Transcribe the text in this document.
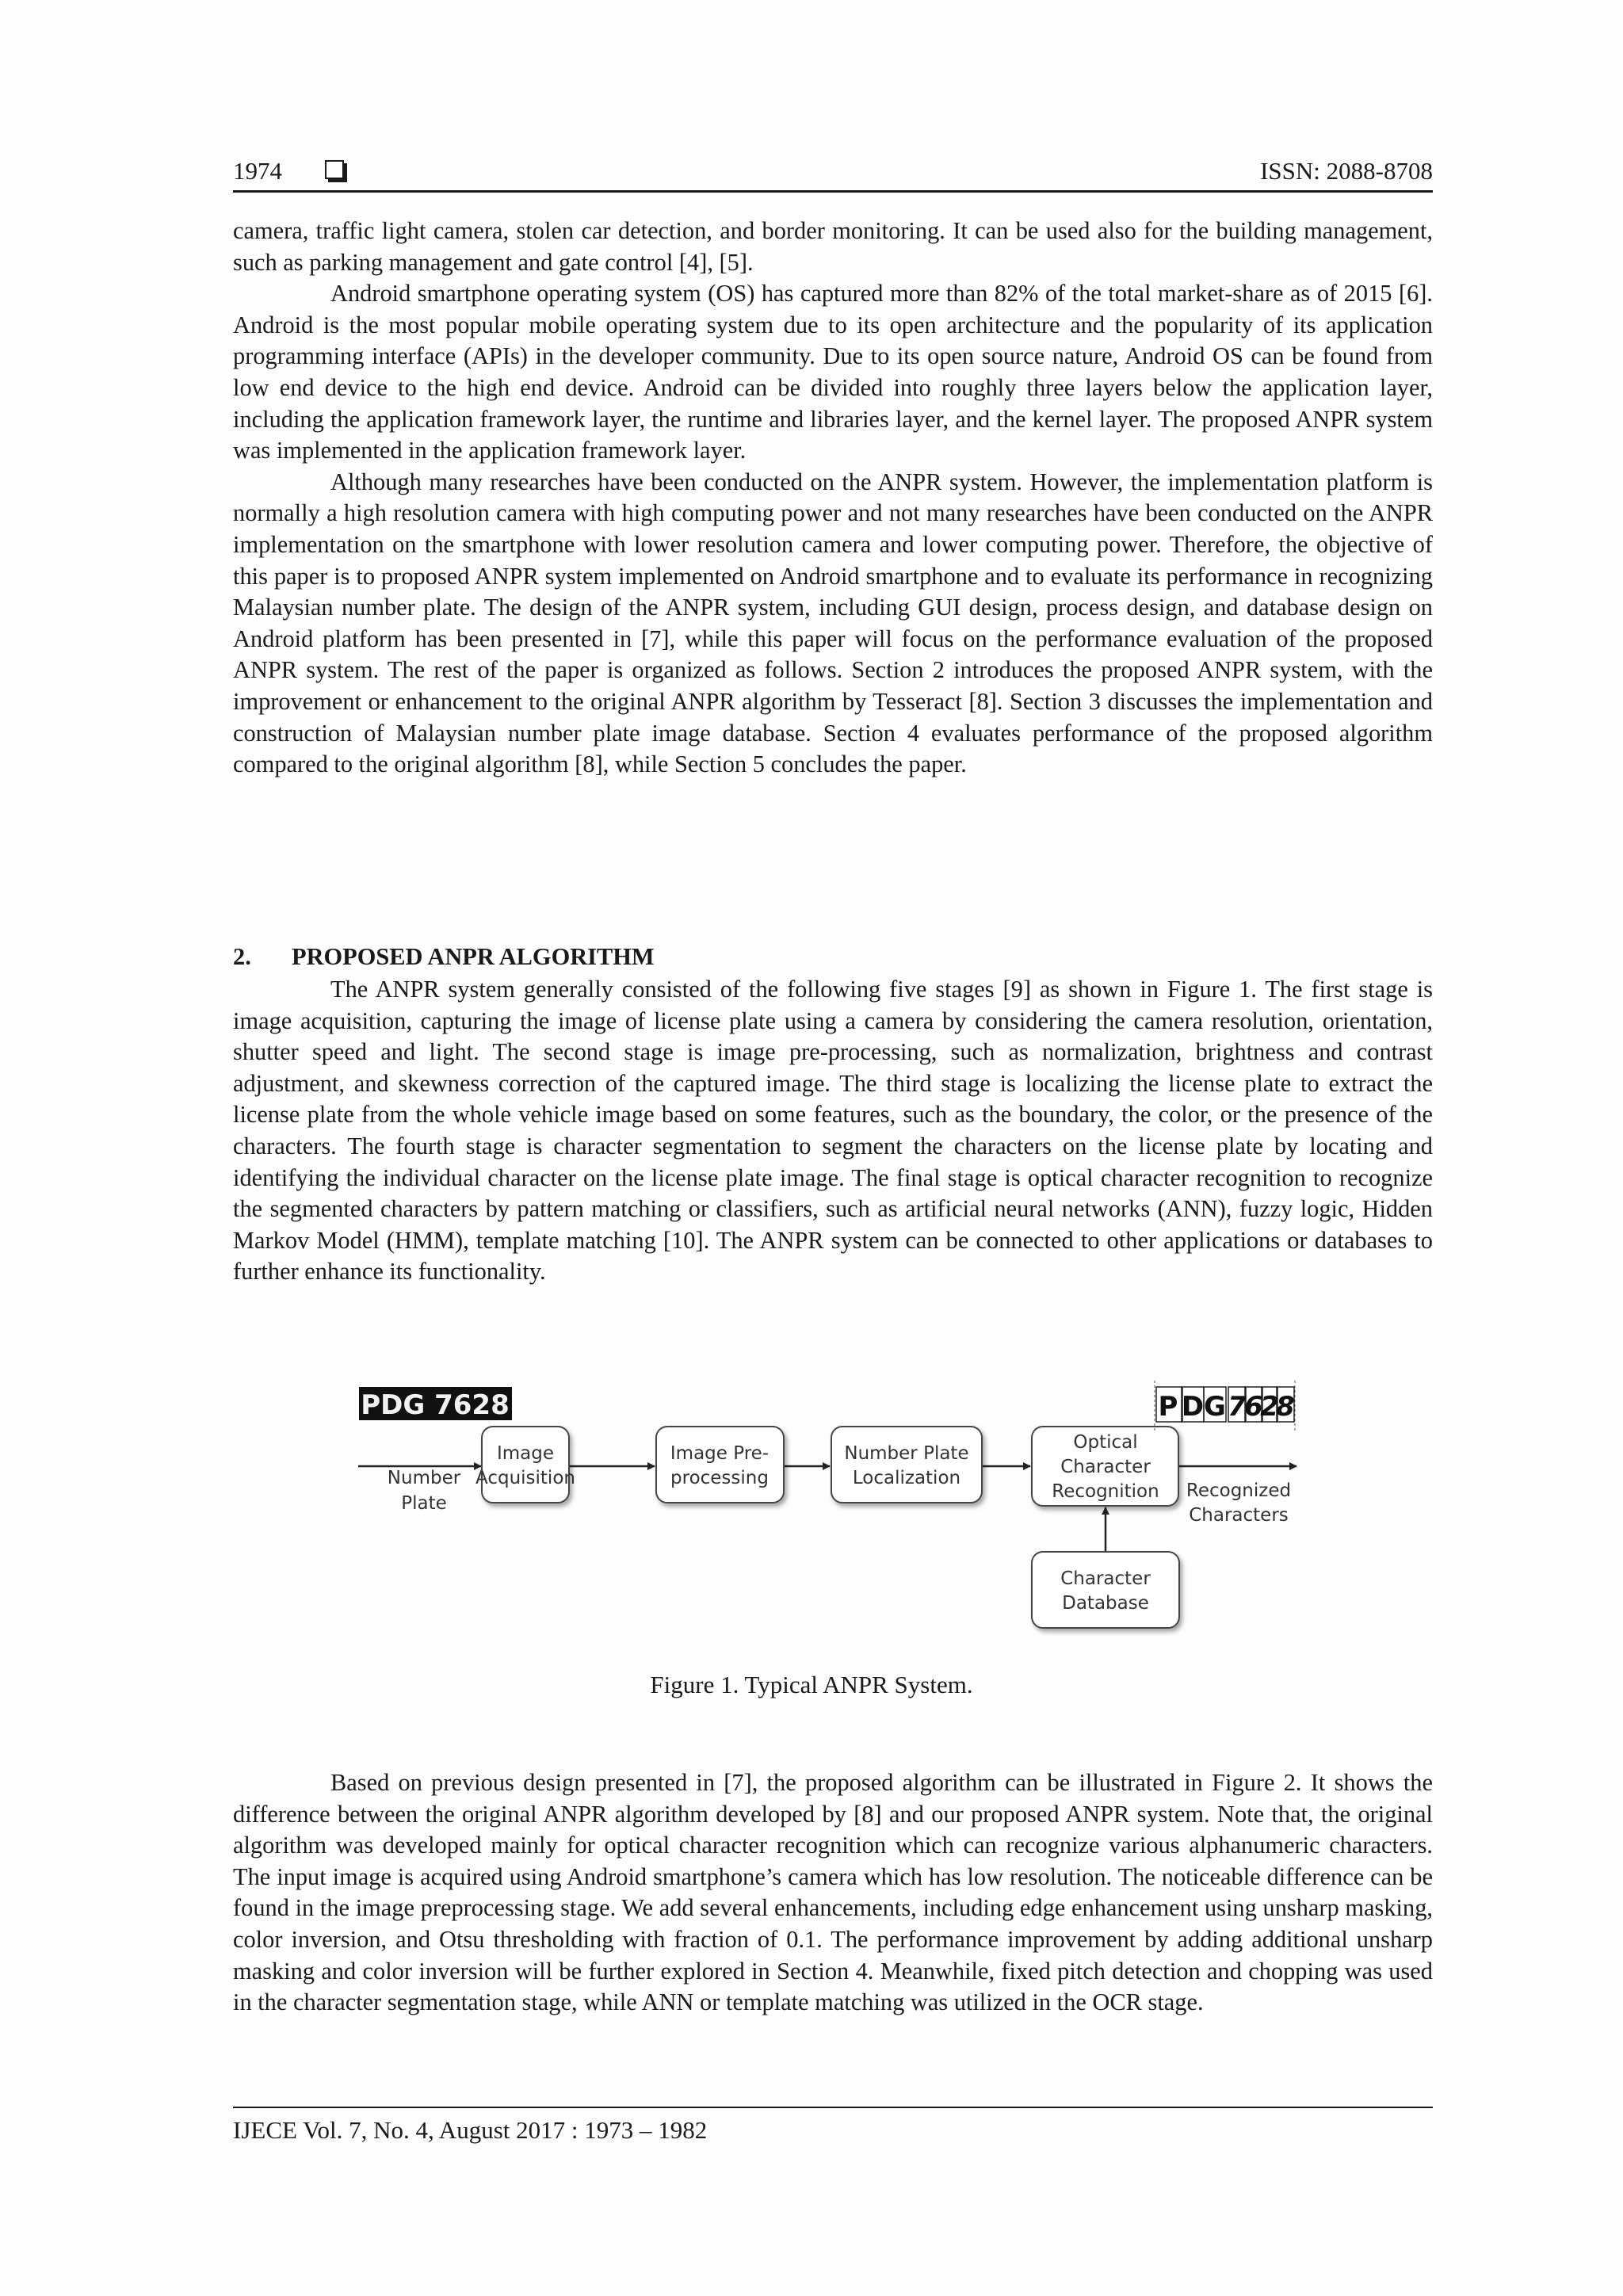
1974	ISSN: 2088-8708

camera, traffic light camera, stolen car detection, and border monitoring. It can be used also for the building management, such as parking management and gate control [4], [5].

Android smartphone operating system (OS) has captured more than 82% of the total market-share as of 2015 [6]. Android is the most popular mobile operating system due to its open architecture and the popularity of its application programming interface (APIs) in the developer community. Due to its open source nature, Android OS can be found from low end device to the high end device. Android can be divided into roughly three layers below the application layer, including the application framework layer, the runtime and libraries layer, and the kernel layer. The proposed ANPR system was implemented in the application framework layer.

Although many researches have been conducted on the ANPR system. However, the implementation platform is normally a high resolution camera with high computing power and not many researches have been conducted on the ANPR implementation on the smartphone with lower resolution camera and lower computing power. Therefore, the objective of this paper is to proposed ANPR system implemented on Android smartphone and to evaluate its performance in recognizing Malaysian number plate. The design of the ANPR system, including GUI design, process design, and database design on Android platform has been presented in [7], while this paper will focus on the performance evaluation of the proposed ANPR system. The rest of the paper is organized as follows. Section 2 introduces the proposed ANPR system, with the improvement or enhancement to the original ANPR algorithm by Tesseract [8]. Section 3 discusses the implementation and construction of Malaysian number plate image database. Section 4 evaluates performance of the proposed algorithm compared to the original algorithm [8], while Section 5 concludes the paper.

2. PROPOSED ANPR ALGORITHM

The ANPR system generally consisted of the following five stages [9] as shown in Figure 1. The first stage is image acquisition, capturing the image of license plate using a camera by considering the camera resolution, orientation, shutter speed and light. The second stage is image pre-processing, such as normalization, brightness and contrast adjustment, and skewness correction of the captured image. The third stage is localizing the license plate to extract the license plate from the whole vehicle image based on some features, such as the boundary, the color, or the presence of the characters. The fourth stage is character segmentation to segment the characters on the license plate by locating and identifying the individual character on the license plate image. The final stage is optical character recognition to recognize the segmented characters by pattern matching or classifiers, such as artificial neural networks (ANN), fuzzy logic, Hidden Markov Model (HMM), template matching [10]. The ANPR system can be connected to other applications or databases to further enhance its functionality.

PDG 7628
Number
Plate
Image
Acquisition
Image Pre-
processing
Number Plate
Localization
Optical
Character
Recognition
Character
Database
Recognized
Characters
P D G 7
6
2
8
Figure 1. Typical ANPR System.

Based on previous design presented in [7], the proposed algorithm can be illustrated in Figure 2. It shows the difference between the original ANPR algorithm developed by [8] and our proposed ANPR system. Note that, the original algorithm was developed mainly for optical character recognition which can recognize various alphanumeric characters. The input image is acquired using Android smartphone’s camera which has low resolution. The noticeable difference can be found in the image preprocessing stage. We add several enhancements, including edge enhancement using unsharp masking, color inversion, and Otsu thresholding with fraction of 0.1. The performance improvement by adding additional unsharp masking and color inversion will be further explored in Section 4. Meanwhile, fixed pitch detection and chopping was used in the character segmentation stage, while ANN or template matching was utilized in the OCR stage.

IJECE Vol. 7, No. 4, August 2017 : 1973 – 1982
